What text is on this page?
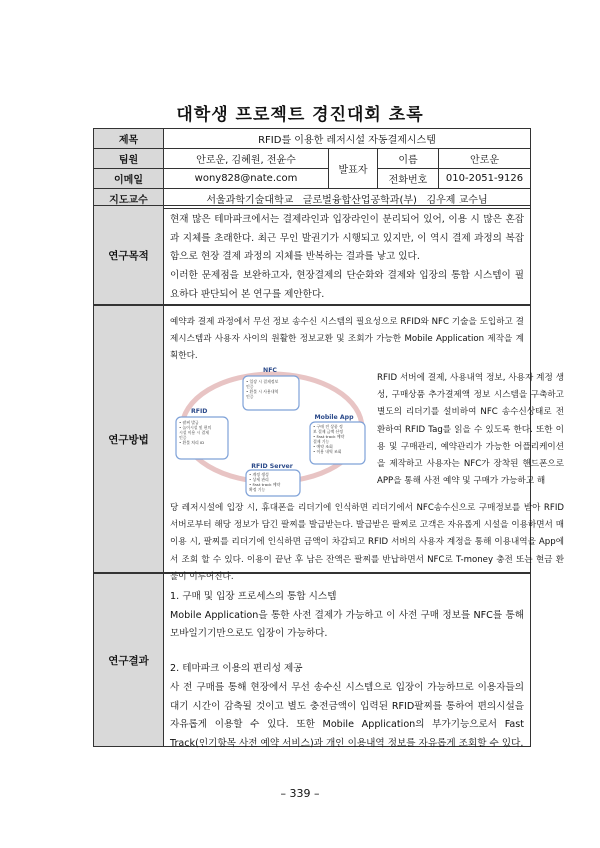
대학생 프로젝트 경진대회 초록
제목	RFID를 이용한 레저시설 자동결제시스템			
팀원	안로운, 김혜원, 전윤수	발표자	이름	안로운
이메일	wony828@nate.com		전화번호	010-2051-9126
지도교수	서울과학기술대학교   글로벌융합산업공학과(부)   김우제 교수님			
연구목적

현재 많은 테마파크에서는 결제라인과 입장라인이 분리되어 있어, 이용 시 많은 혼잡과 지체를 초래한다. 최근 무인 발권기가 시행되고 있지만, 이 역시 결제 과정의 복잡함으로 현장 결제 과정의 지체를 반복하는 결과를 낳고 있다.

이러한 문제점을 보완하고자, 현장결제의 단순화와 결제와 입장의 통합 시스템이 필요하다 판단되어 본 연구를 제안한다.

연구방법

예약과 결제 과정에서 무선 정보 송수신 시스템의 필요성으로 RFID와 NFC 기술을 도입하고 결제시스템과 사용자 사이의 원활한 정보교환 및 조회가 가능한 Mobile Application 제작을 계획한다.

NFC
• 입장 시 결제정보
인증
• 환불 시 사용내역
인증
RFID
• 팔찌 발급
• 놀이시설 및 편의
시설 이용 시 결제
인증
• 환불 처리 ID
Mobile App
• 구매 전 상품 정
보 결제 금액 산정
• Fast track 예약
결제 기능
• 예약 조회
• 이용 내역 조회
RFID Server
• 계정 생성
• 상세 관리
• Fast track 예약
확정 기능
RFID 서버에 결제, 사용내역 정보, 사용자 계정 생성, 구매상품 추가결제액 정보 시스템을 구축하고 별도의 리더기를 설비하여 NFC 송수신상태로 전환하여 RFID Tag를 읽을 수 있도록 한다. 또한 이용 및 구매관리, 예약관리가 가능한 어플리케이션을 제작하고 사용자는 NFC가 장착된 핸드폰으로 APP을 통해 사전 예약 및 구매가 가능하고 해
당 레저시설에 입장 시, 휴대폰을 리더기에 인식하면 리더기에서 NFC송수신으로 구매정보를 받아 RFID 서버로부터 해당 정보가 담긴 팔찌를 발급받는다. 발급받은 팔찌로 고객은 자유롭게 시설을 이용하면서 매 이용 시, 팔찌를 리더기에 인식하면 금액이 차감되고 RFID 서버의 사용자 계정을 통해 이용내역을 App에서 조회 할 수 있다. 이용이 끝난 후 남은 잔액은 팔찌를 반납하면서 NFC로 T-money 충전 또는 현금 환불이 이루어진다.
연구결과

1. 구매 및 입장 프로세스의 통합 시스템

Mobile Application을 통한 사전 결제가 가능하고 이 사전 구매 정보를 NFC를 통해 모바일기기만으로도 입장이 가능하다.

2. 테마파크 이용의 편리성 제공

사 전 구매를 통해 현장에서 무선 송수신 시스템으로 입장이 가능하므로 이용자들의 대기 시간이 감축될 것이고 별도 충전금액이 입력된 RFID팔찌를 통하여 편의시설을 자유롭게 이용할 수 있다. 또한 Mobile Application의 부가기능으로서 Fast Track(인기항목 사전 예약 서비스)과 개인 이용내역 정보를 자유롭게 조회할 수 있다.

– 339 –
